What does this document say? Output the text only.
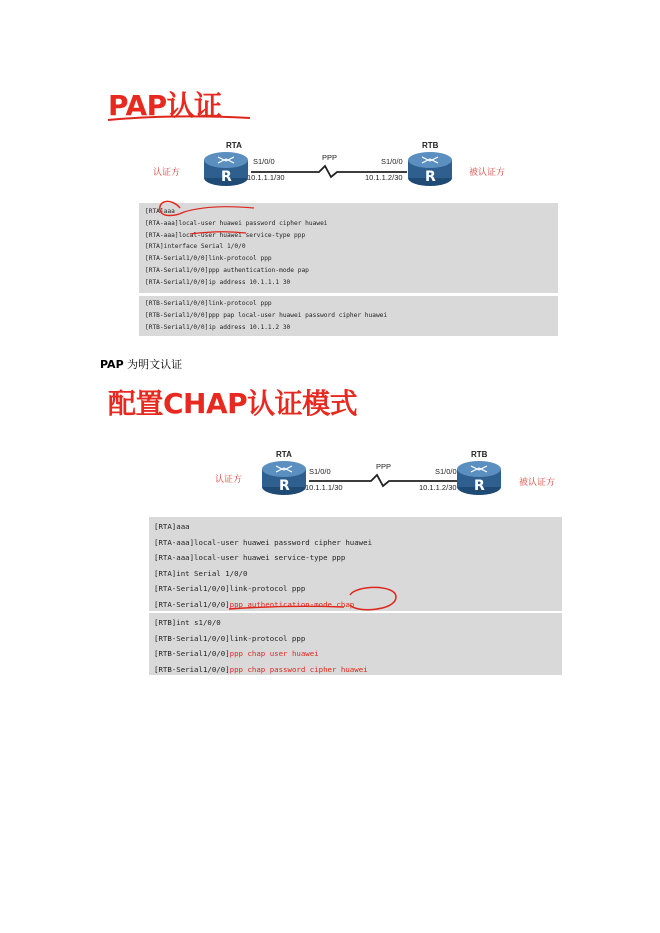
PAP认证
认证方
RTA	RTB
R	R
S1/0/0
10.1.1.1/30
PPP	S1/0/0
10.1.1.2/30	被认证方
[RTA]aaa
[RTA-aaa]local-user huawei password cipher huawei
[RTA-aaa]local-user huawei service-type ppp
[RTA]interface Serial 1/0/0
[RTA-Serial1/0/0]link-protocol ppp
[RTA-Serial1/0/0]ppp authentication-mode pap
[RTA-Serial1/0/0]ip address 10.1.1.1 30
[RTB-Serial1/0/0]link-protocol ppp
[RTB-Serial1/0/0]ppp pap local-user huawei password cipher huawei
[RTB-Serial1/0/0]ip address 10.1.1.2 30
PAP 为明文认证
配置CHAP认证模式
认证方
RTA	RTB
R	R
S1/0/0
10.1.1.1/30
PPP
S1/0/0
10.1.1.2/30	被认证方
[RTA]aaa
[RTA-aaa]local-user huawei password cipher huawei
[RTA-aaa]local-user huawei service-type ppp
[RTA]int Serial 1/0/0
[RTA-Serial1/0/0]link-protocol ppp
[RTA-Serial1/0/0]ppp authentication-mode chap
[RTB]int s1/0/0
[RTB-Serial1/0/0]link-protocol ppp
[RTB-Serial1/0/0]ppp chap user huawei
[RTB-Serial1/0/0]ppp chap password cipher huawei
